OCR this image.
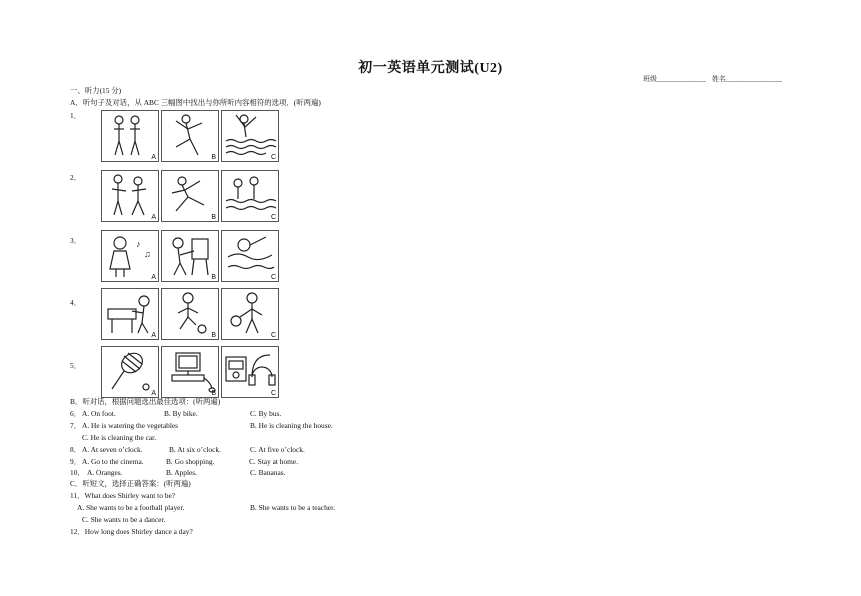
初一英语单元测试(U2)
班级______________ 姓名________________
一、听力(15 分)
A．听句子及对话，从 ABC 三幅图中找出与你所听内容相符的选项．(听两遍)
1．
A	B	C
2．
A	B	C
3．	♪
♫
A	B	C
4．
A	B	C
5．
A	B	C
B．听对话，根据问题选出最佳选项：(听两遍)
6． A. On foot.	B. By bike.	C. By bus.
7． A. He is watering the vegetables	B. He is cleaning the house.
C. He is cleaning the car.
8． A. At seven o’clock.	B. At six o’clock.	C. At five o’clock.
9． A. Go to the cinema.	B. Go shopping.	C. Stay at home.
10． A. Oranges.	B. Apples.	C. Bananas.
C．听短文，选择正确答案：(听两遍)
11．What does Shirley want to be?
A. She wants to be a football player.	B. She wants to be a teacher.
C. She wants to be a dancer.
12．How long does Shirley dance a day?
